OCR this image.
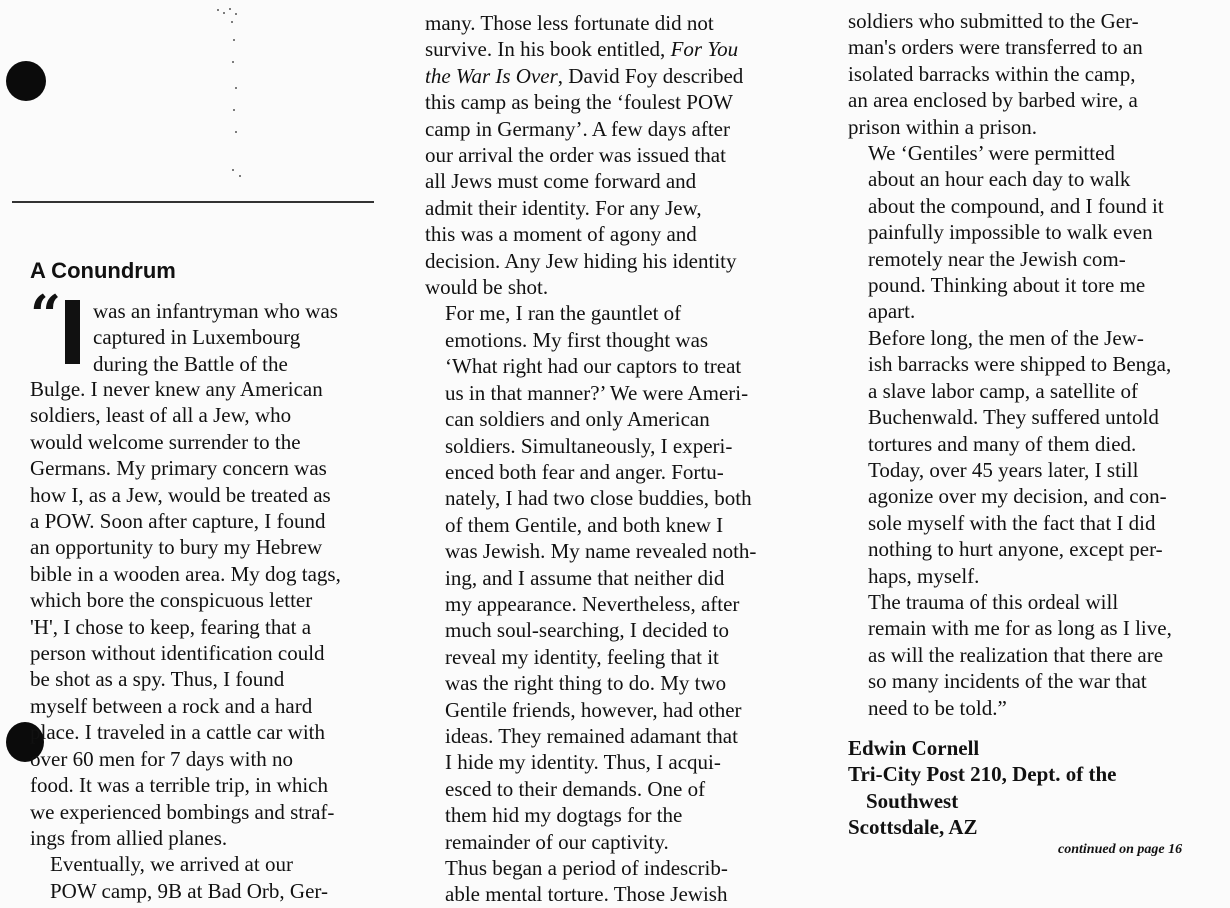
A Conundrum
“ was an infantryman who was
captured in Luxembourg
during the Battle of the

Bulge. I never knew any American
soldiers, least of all a Jew, who
would welcome surrender to the
Germans. My primary concern was
how I, as a Jew, would be treated as
a POW. Soon after capture, I found
an opportunity to bury my Hebrew
bible in a wooden area. My dog tags,
which bore the conspicuous letter
'H', I chose to keep, fearing that a
person without identification could
be shot as a spy. Thus, I found
myself between a rock and a hard
place. I traveled in a cattle car with
over 60 men for 7 days with no
food. It was a terrible trip, in which
we experienced bombings and straf-
ings from allied planes.

Eventually, we arrived at our
POW camp, 9B at Bad Orb, Ger-

many. Those less fortunate did not
survive. In his book entitled, For You
the War Is Over, David Foy described
this camp as being the ‘foulest POW
camp in Germany’. A few days after
our arrival the order was issued that
all Jews must come forward and
admit their identity. For any Jew,
this was a moment of agony and
decision. Any Jew hiding his identity
would be shot.

For me, I ran the gauntlet of
emotions. My first thought was
‘What right had our captors to treat
us in that manner?’ We were Ameri-
can soldiers and only American
soldiers. Simultaneously, I experi-
enced both fear and anger. Fortu-
nately, I had two close buddies, both
of them Gentile, and both knew I
was Jewish. My name revealed noth-
ing, and I assume that neither did
my appearance. Nevertheless, after
much soul-searching, I decided to
reveal my identity, feeling that it
was the right thing to do. My two
Gentile friends, however, had other
ideas. They remained adamant that
I hide my identity. Thus, I acqui-
esced to their demands. One of
them hid my dogtags for the
remainder of our captivity.

Thus began a period of indescrib-
able mental torture. Those Jewish

soldiers who submitted to the Ger-
man's orders were transferred to an
isolated barracks within the camp,
an area enclosed by barbed wire, a
prison within a prison.

We ‘Gentiles’ were permitted
about an hour each day to walk
about the compound, and I found it
painfully impossible to walk even
remotely near the Jewish com-
pound. Thinking about it tore me
apart.

Before long, the men of the Jew-
ish barracks were shipped to Benga,
a slave labor camp, a satellite of
Buchenwald. They suffered untold
tortures and many of them died.

Today, over 45 years later, I still
agonize over my decision, and con-
sole myself with the fact that I did
nothing to hurt anyone, except per-
haps, myself.

The trauma of this ordeal will
remain with me for as long as I live,
as will the realization that there are
so many incidents of the war that
need to be told.”

Edwin Cornell
Tri-City Post 210, Dept. of the
Southwest
Scottsdale, AZ
continued on page 16
